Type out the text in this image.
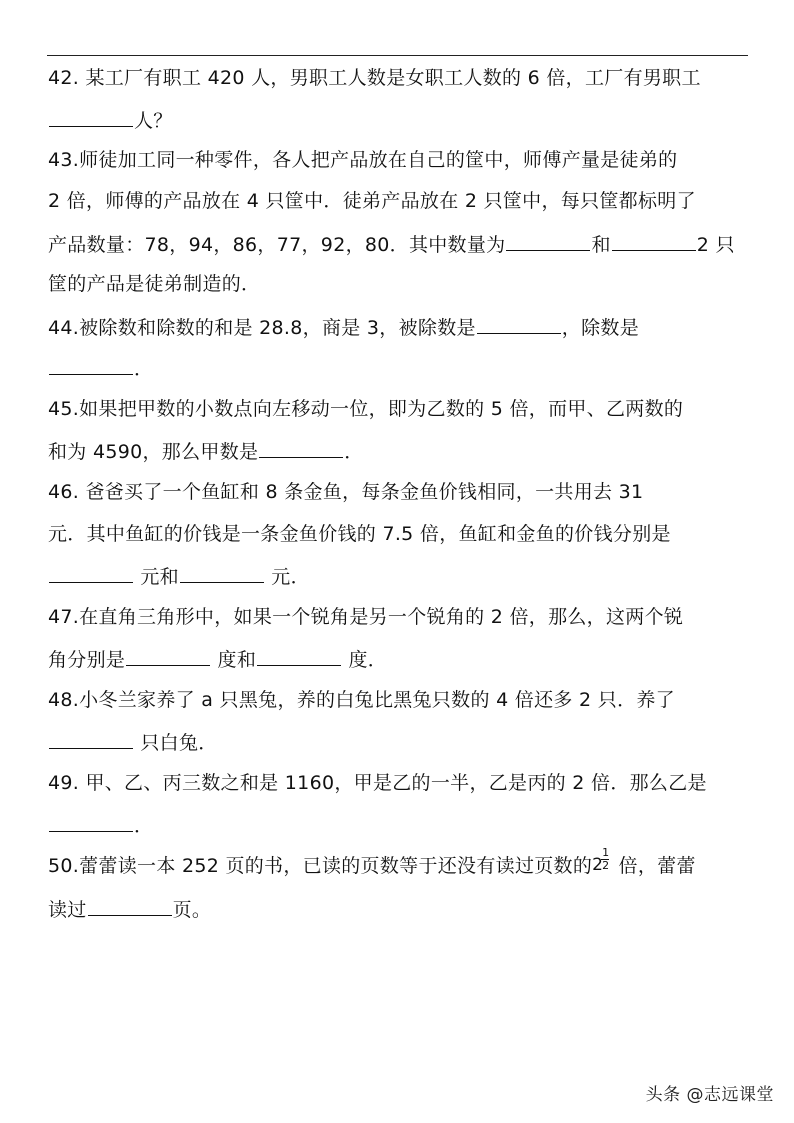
42. 某工厂有职工 420 人，男职工人数是女职工人数的 6 倍，工厂有男职工
人？
43.师徒加工同一种零件，各人把产品放在自己的筐中，师傅产量是徒弟的
2 倍，师傅的产品放在 4 只筐中．徒弟产品放在 2 只筐中，每只筐都标明了
产品数量：78，94，86，77，92，80．其中数量为	和	2 只
筐的产品是徒弟制造的．
44.被除数和除数的和是 28.8，商是 3，被除数是	，除数是
．
45.如果把甲数的小数点向左移动一位，即为乙数的 5 倍，而甲、乙两数的
和为 4590，那么甲数是	．
46. 爸爸买了一个鱼缸和 8 条金鱼，每条金鱼价钱相同，一共用去 31
元．其中鱼缸的价钱是一条金鱼价钱的 7.5 倍，鱼缸和金鱼的价钱分别是
元和	元．
47.在直角三角形中，如果一个锐角是另一个锐角的 2 倍，那么，这两个锐
角分别是	度和	度．
48.小冬兰家养了 a 只黑兔，养的白兔比黑兔只数的 4 倍还多 2 只．养了
只白兔．
49. 甲、乙、丙三数之和是 1160，甲是乙的一半，乙是丙的 2 倍．那么乙是
．
50.蕾蕾读一本 252 页的书，已读的页数等于还没有读过页数的 2
1
2 倍，蕾蕾
读过	页。
头条 @志远课堂
